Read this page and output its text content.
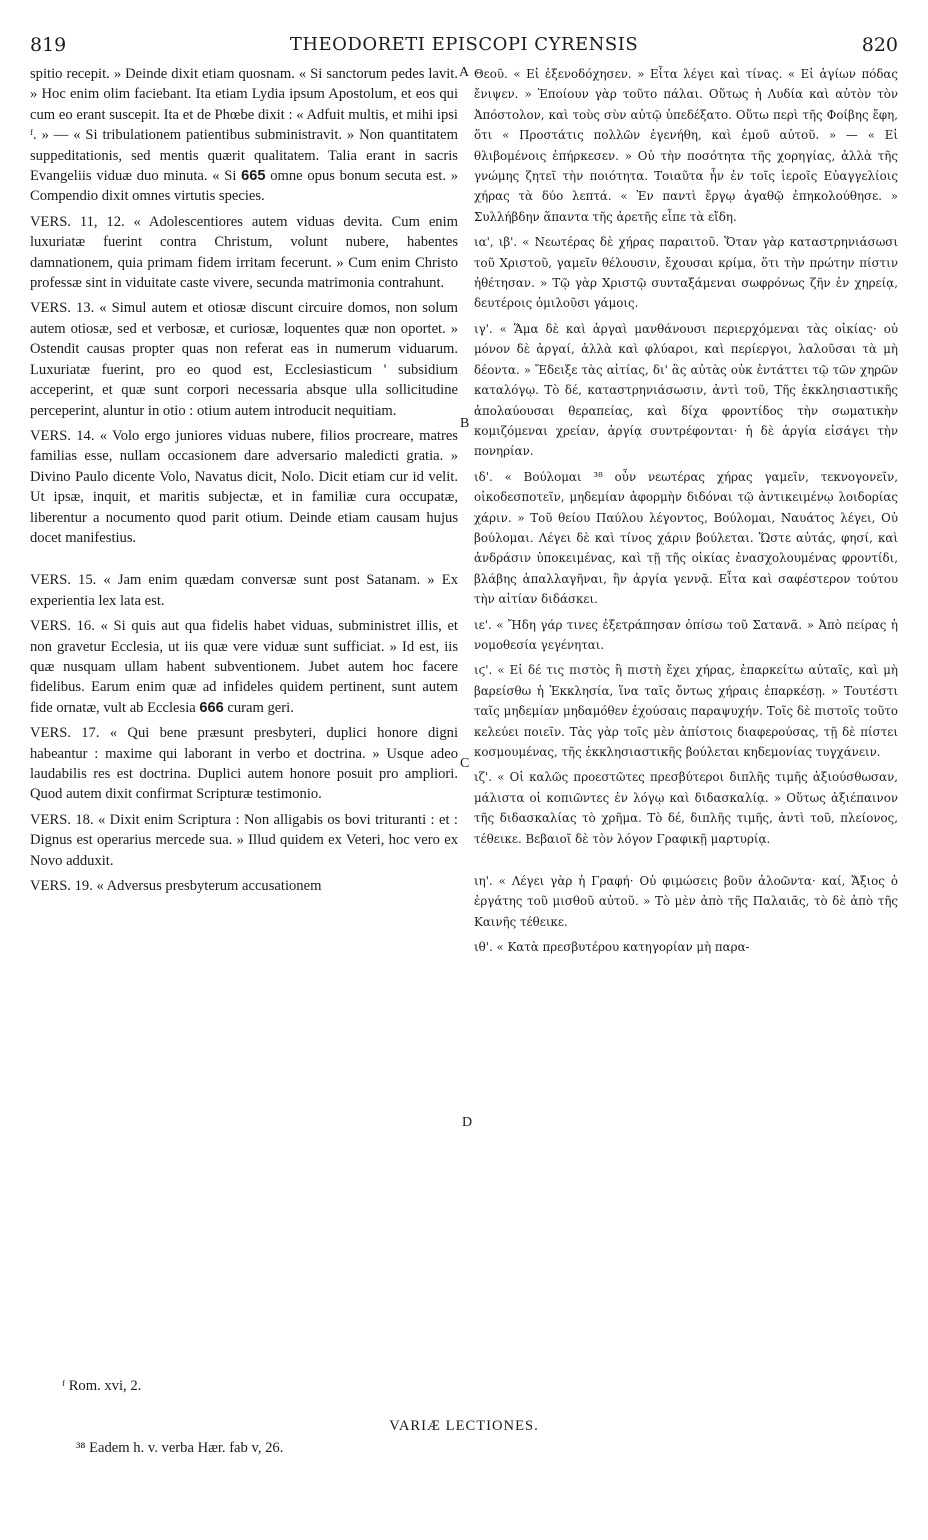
819	THEODORETI EPISCOPI CYRENSIS	820

spitio recepit. » Deinde dixit etiam quosnam. « Si sanctorum pedes lavit. » Hoc enim olim faciebant. Ita etiam Lydia ipsum Apostolum, et eos qui cum eo erant suscepit. Ita et de Phœbe dixit : « Adfuit multis, et mihi ipsi ᶠ. » — « Si tribulationem patientibus subministravit. » Non quantitatem suppeditationis, sed mentis quærit qualitatem. Talia erant in sacris Evangeliis viduæ duo minuta. « Si 665 omne opus bonum secuta est. » Compendio dixit omnes virtutis species.

VERS. 11, 12. « Adolescentiores autem viduas devita. Cum enim luxuriatæ fuerint contra Christum, volunt nubere, habentes damnationem, quia primam fidem irritam fecerunt. » Cum enim Christo professæ sint in viduitate caste vivere, secunda matrimonia contrahunt.

VERS. 13. « Simul autem et otiosæ discunt circuire domos, non solum autem otiosæ, sed et verbosæ, et curiosæ, loquentes quæ non oportet. » Ostendit causas propter quas non referat eas in numerum viduarum. Luxuriatæ fuerint, pro eo quod est, Ecclesiasticum ' subsidium acceperint, et quæ sunt corpori necessaria absque ulla sollicitudine perceperint, aluntur in otio : otium autem introducit nequitiam.

VERS. 14. « Volo ergo juniores viduas nubere, filios procreare, matres familias esse, nullam occasionem dare adversario maledicti gratia. » Divino Paulo dicente Volo, Navatus dicit, Nolo. Dicit etiam cur id velit. Ut ipsæ, inquit, et maritis subjectæ, et in familiæ cura occupatæ, liberentur a nocumento quod parit otium. Deinde etiam causam hujus docet manifestius.

VERS. 15. « Jam enim quædam conversæ sunt post Satanam. » Ex experientia lex lata est.

VERS. 16. « Si quis aut qua fidelis habet viduas, subministret illis, et non gravetur Ecclesia, ut iis quæ vere viduæ sunt sufficiat. » Id est, iis quæ nusquam ullam habent subventionem. Jubet autem hoc facere fidelibus. Earum enim quæ ad infideles quidem pertinent, sunt autem fide ornatæ, vult ab Ecclesia 666 curam geri.

VERS. 17. « Qui bene præsunt presbyteri, duplici honore digni habeantur : maxime qui laborant in verbo et doctrina. » Usque adeo laudabilis res est doctrina. Duplici autem honore posuit pro ampliori. Quod autem dixit confirmat Scripturæ testimonio.

VERS. 18. « Dixit enim Scriptura : Non alligabis os bovi trituranti : et : Dignus est operarius mercede sua. » Illud quidem ex Veteri, hoc vero ex Novo adduxit.

VERS. 19. « Adversus presbyterum accusationem

Θεοῦ. « Εἰ ἐξενοδόχησεν. » Εἶτα λέγει καὶ τίνας. « Εἰ ἁγίων πόδας ἔνιψεν. » Ἐποίουν γὰρ τοῦτο πάλαι. Οὕτως ἡ Λυδία καὶ αὐτὸν τὸν Ἀπόστολον, καὶ τοὺς σὺν αὐτῷ ὑπεδέξατο. Οὕτω περὶ τῆς Φοίβης ἔφη, ὅτι « Προστάτις πολλῶν ἐγενήθη, καὶ ἐμοῦ αὐτοῦ. » — « Εἰ θλιβομένοις ἐπήρκεσεν. » Οὐ τὴν ποσότητα τῆς χορηγίας, ἀλλὰ τῆς γνώμης ζητεῖ τὴν ποιότητα. Τοιαῦτα ἦν ἐν τοῖς ἱεροῖς Εὐαγγελίοις χήρας τὰ δύο λεπτά. « Ἐν παντὶ ἔργῳ ἀγαθῷ ἐπηκολούθησε. » Συλλήβδην ἅπαντα τῆς ἀρετῆς εἶπε τὰ εἴδη.

ια', ιβ'. « Νεωτέρας δὲ χήρας παραιτοῦ. Ὅταν γὰρ καταστρηνιάσωσι τοῦ Χριστοῦ, γαμεῖν θέλουσιν, ἔχουσαι κρίμα, ὅτι τὴν πρώτην πίστιν ἠθέτησαν. » Τῷ γὰρ Χριστῷ συνταξάμεναι σωφρόνως ζῆν ἐν χηρείᾳ, δευτέροις ὁμιλοῦσι γάμοις.

ιγ'. « Ἅμα δὲ καὶ ἀργαὶ μανθάνουσι περιερχόμεναι τὰς οἰκίας· οὐ μόνον δὲ ἀργαί, ἀλλὰ καὶ φλύαροι, καὶ περίεργοι, λαλοῦσαι τὰ μὴ δέοντα. » Ἔδειξε τὰς αἰτίας, δι' ἃς αὐτὰς οὐκ ἐντάττει τῷ τῶν χηρῶν καταλόγῳ. Τὸ δέ, καταστρηνιάσωσιν, ἀντὶ τοῦ, Τῆς ἐκκλησιαστικῆς ἀπολαύουσαι θεραπείας, καὶ δίχα φροντίδος τὴν σωματικὴν κομιζόμεναι χρείαν, ἀργίᾳ συντρέφονται· ἡ δὲ ἀργία εἰσάγει τὴν πονηρίαν.

ιδ'. « Βούλομαι ³⁸ οὖν νεωτέρας χήρας γαμεῖν, τεκνογονεῖν, οἰκοδεσποτεῖν, μηδεμίαν ἀφορμὴν διδόναι τῷ ἀντικειμένῳ λοιδορίας χάριν. » Τοῦ θείου Παύλου λέγοντος, Βούλομαι, Ναυάτος λέγει, Οὐ βούλομαι. Λέγει δὲ καὶ τίνος χάριν βούλεται. Ὥστε αὐτάς, φησί, καὶ ἀνδράσιν ὑποκειμένας, καὶ τῇ τῆς οἰκίας ἐνασχολουμένας φροντίδι, βλάβης ἀπαλλαγῆναι, ἣν ἀργία γεννᾷ. Εἶτα καὶ σαφέστερον τούτου τὴν αἰτίαν διδάσκει.

ιε'. « Ἤδη γάρ τινες ἐξετράπησαν ὀπίσω τοῦ Σατανᾶ. » Ἀπὸ πείρας ἡ νομοθεσία γεγένηται.

ιϛ'. « Εἰ δέ τις πιστὸς ἢ πιστὴ ἔχει χήρας, ἐπαρκείτω αὐταῖς, καὶ μὴ βαρείσθω ἡ Ἐκκλησία, ἵνα ταῖς ὄντως χήραις ἐπαρκέσῃ. » Τουτέστι ταῖς μηδεμίαν μηδαμόθεν ἐχούσαις παραψυχήν. Τοῖς δὲ πιστοῖς τοῦτο κελεύει ποιεῖν. Τὰς γὰρ τοῖς μὲν ἀπίστοις διαφερούσας, τῇ δὲ πίστει κοσμουμένας, τῆς ἐκκλησιαστικῆς βούλεται κηδεμονίας τυγχάνειν.

ιζ'. « Οἱ καλῶς προεστῶτες πρεσβύτεροι διπλῆς τιμῆς ἀξιούσθωσαν, μάλιστα οἱ κοπιῶντες ἐν λόγῳ καὶ διδασκαλίᾳ. » Οὕτως ἀξιέπαινον τῆς διδασκαλίας τὸ χρῆμα. Τὸ δέ, διπλῆς τιμῆς, ἀντὶ τοῦ, πλείονος, τέθεικε. Βεβαιοῖ δὲ τὸν λόγον Γραφικῇ μαρτυρίᾳ.

ιη'. « Λέγει γὰρ ἡ Γραφή· Οὐ φιμώσεις βοῦν ἀλοῶντα· καί, Ἄξιος ὁ ἐργάτης τοῦ μισθοῦ αὐτοῦ. » Τὸ μὲν ἀπὸ τῆς Παλαιᾶς, τὸ δὲ ἀπὸ τῆς Καινῆς τέθεικε.

ιθ'. « Κατὰ πρεσβυτέρου κατηγορίαν μὴ παρα-

A
B
C
D
ᶠ Rom. xvi, 2.
VARIÆ LECTIONES.
³⁸ Eadem h. v. verba Hær. fab v, 26.
